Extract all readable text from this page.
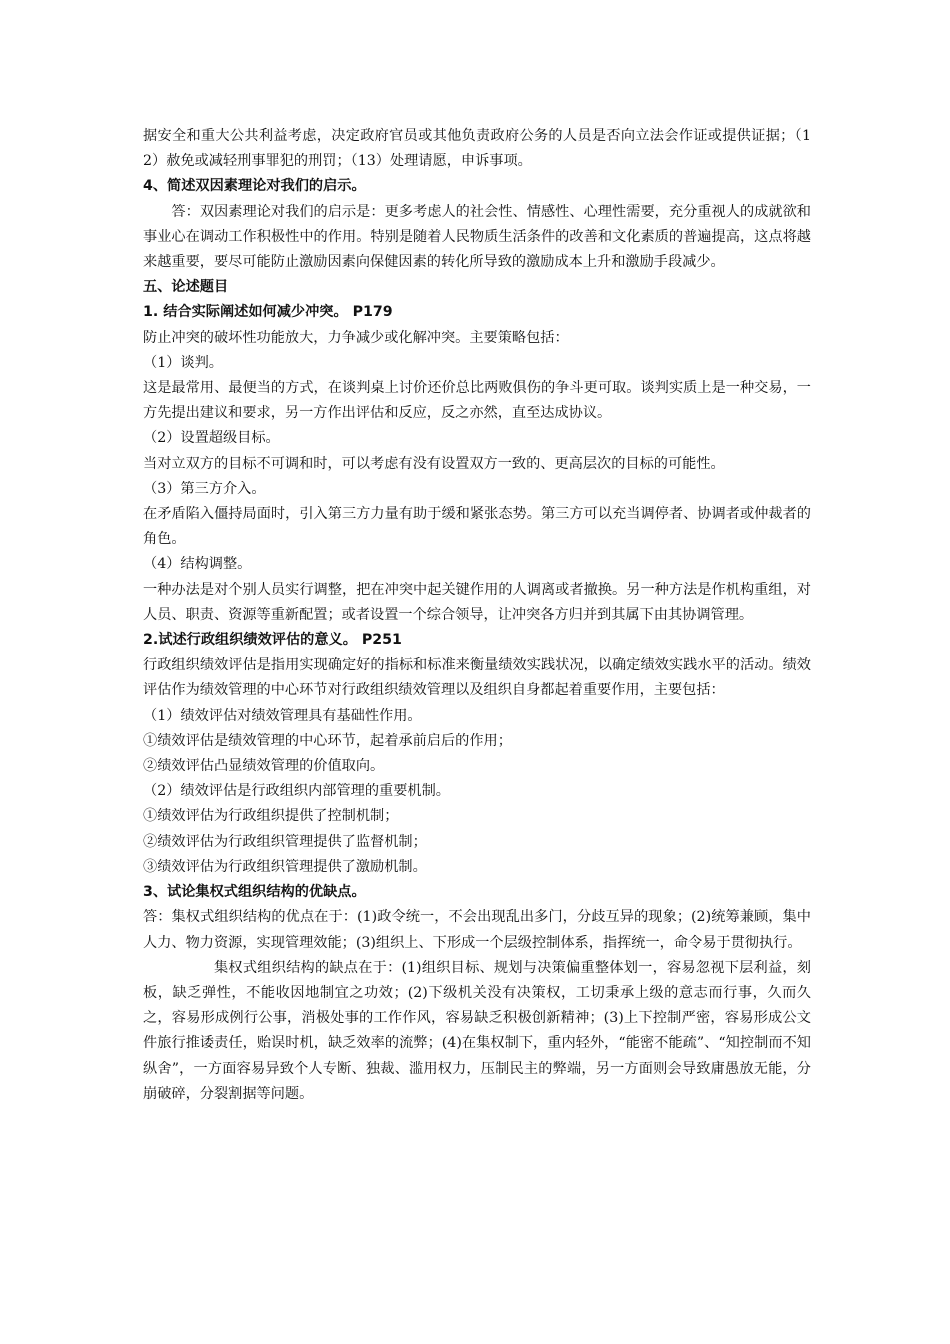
据安全和重大公共利益考虑，决定政府官员或其他负责政府公务的人员是否向立法会作证或提供证据；（12）赦免或减轻刑事罪犯的刑罚；（13）处理请愿，申诉事项。

4、简述双因素理论对我们的启示。

答：双因素理论对我们的启示是：更多考虑人的社会性、情感性、心理性需要，充分重视人的成就欲和事业心在调动工作积极性中的作用。特别是随着人民物质生活条件的改善和文化素质的普遍提高，这点将越来越重要，要尽可能防止激励因素向保健因素的转化所导致的激励成本上升和激励手段减少。

五、论述题目

1. 结合实际阐述如何减少冲突。 P179

防止冲突的破坏性功能放大，力争减少或化解冲突。主要策略包括：

（1）谈判。

这是最常用、最便当的方式，在谈判桌上讨价还价总比两败俱伤的争斗更可取。谈判实质上是一种交易，一方先提出建议和要求，另一方作出评估和反应，反之亦然，直至达成协议。

（2）设置超级目标。

当对立双方的目标不可调和时，可以考虑有没有设置双方一致的、更高层次的目标的可能性。

（3）第三方介入。

在矛盾陷入僵持局面时，引入第三方力量有助于缓和紧张态势。第三方可以充当调停者、协调者或仲裁者的角色。

（4）结构调整。

一种办法是对个别人员实行调整，把在冲突中起关键作用的人调离或者撤换。另一种方法是作机构重组，对人员、职责、资源等重新配置；或者设置一个综合领导，让冲突各方归并到其属下由其协调管理。

2.试述行政组织绩效评估的意义。 P251

行政组织绩效评估是指用实现确定好的指标和标准来衡量绩效实践状况，以确定绩效实践水平的活动。绩效评估作为绩效管理的中心环节对行政组织绩效管理以及组织自身都起着重要作用，主要包括：

（1）绩效评估对绩效管理具有基础性作用。

①绩效评估是绩效管理的中心环节，起着承前启后的作用；

②绩效评估凸显绩效管理的价值取向。

（2）绩效评估是行政组织内部管理的重要机制。

①绩效评估为行政组织提供了控制机制；

②绩效评估为行政组织管理提供了监督机制；

③绩效评估为行政组织管理提供了激励机制。

3、试论集权式组织结构的优缺点。

答：集权式组织结构的优点在于：(1)政令统一，不会出现乱出多门，分歧互异的现象；(2)统筹兼顾，集中人力、物力资源，实现管理效能；(3)组织上、下形成一个层级控制体系，指挥统一，命令易于贯彻执行。

集权式组织结构的缺点在于：(1)组织目标、规划与决策偏重整体划一，容易忽视下层利益，刻板，缺乏弹性，不能收因地制宜之功效；(2)下级机关没有决策权，工切秉承上级的意志而行事，久而久之，容易形成例行公事，消极处事的工作作风，容易缺乏积极创新精神；(3)上下控制严密，容易形成公文件旅行推诿责任，贻误时机，缺乏效率的流弊；(4)在集权制下，重内轻外，“能密不能疏”、“知控制而不知纵舍”，一方面容易异致个人专断、独裁、滥用权力，压制民主的弊端，另一方面则会导致庸愚放无能，分崩破碎，分裂割据等问题。
